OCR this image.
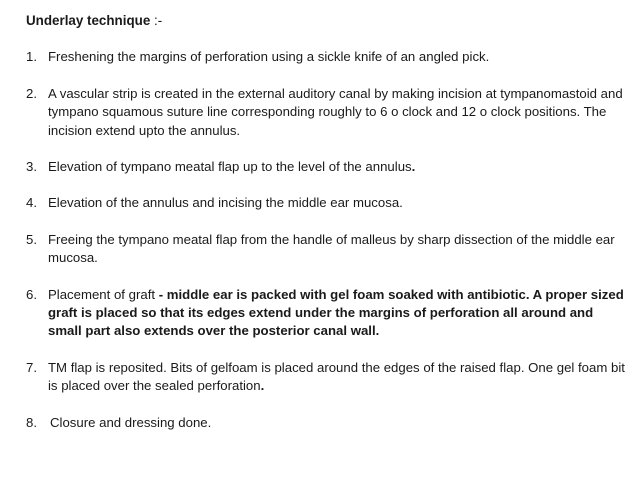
Underlay technique :-
1. Freshening the margins of perforation using a sickle knife of an angled pick.
2. A vascular strip is created in the external auditory canal by making incision at tympanomastoid and tympano squamous suture line corresponding roughly to 6 o clock and 12 o clock positions. The incision extend upto the annulus.
3. Elevation of tympano meatal flap up to the level of the annulus.
4. Elevation of the annulus and incising the middle ear mucosa.
5. Freeing the tympano meatal flap from the handle of malleus by sharp dissection of the middle ear mucosa.
6. Placement of graft - middle ear is packed with gel foam soaked with antibiotic. A proper sized graft is placed so that its edges extend under the margins of perforation all around and small part also extends over the posterior canal wall.
7. TM flap is reposited. Bits of gelfoam is placed around the edges of the raised flap. One gel foam bit is placed over the sealed perforation.
8. Closure and dressing done.
